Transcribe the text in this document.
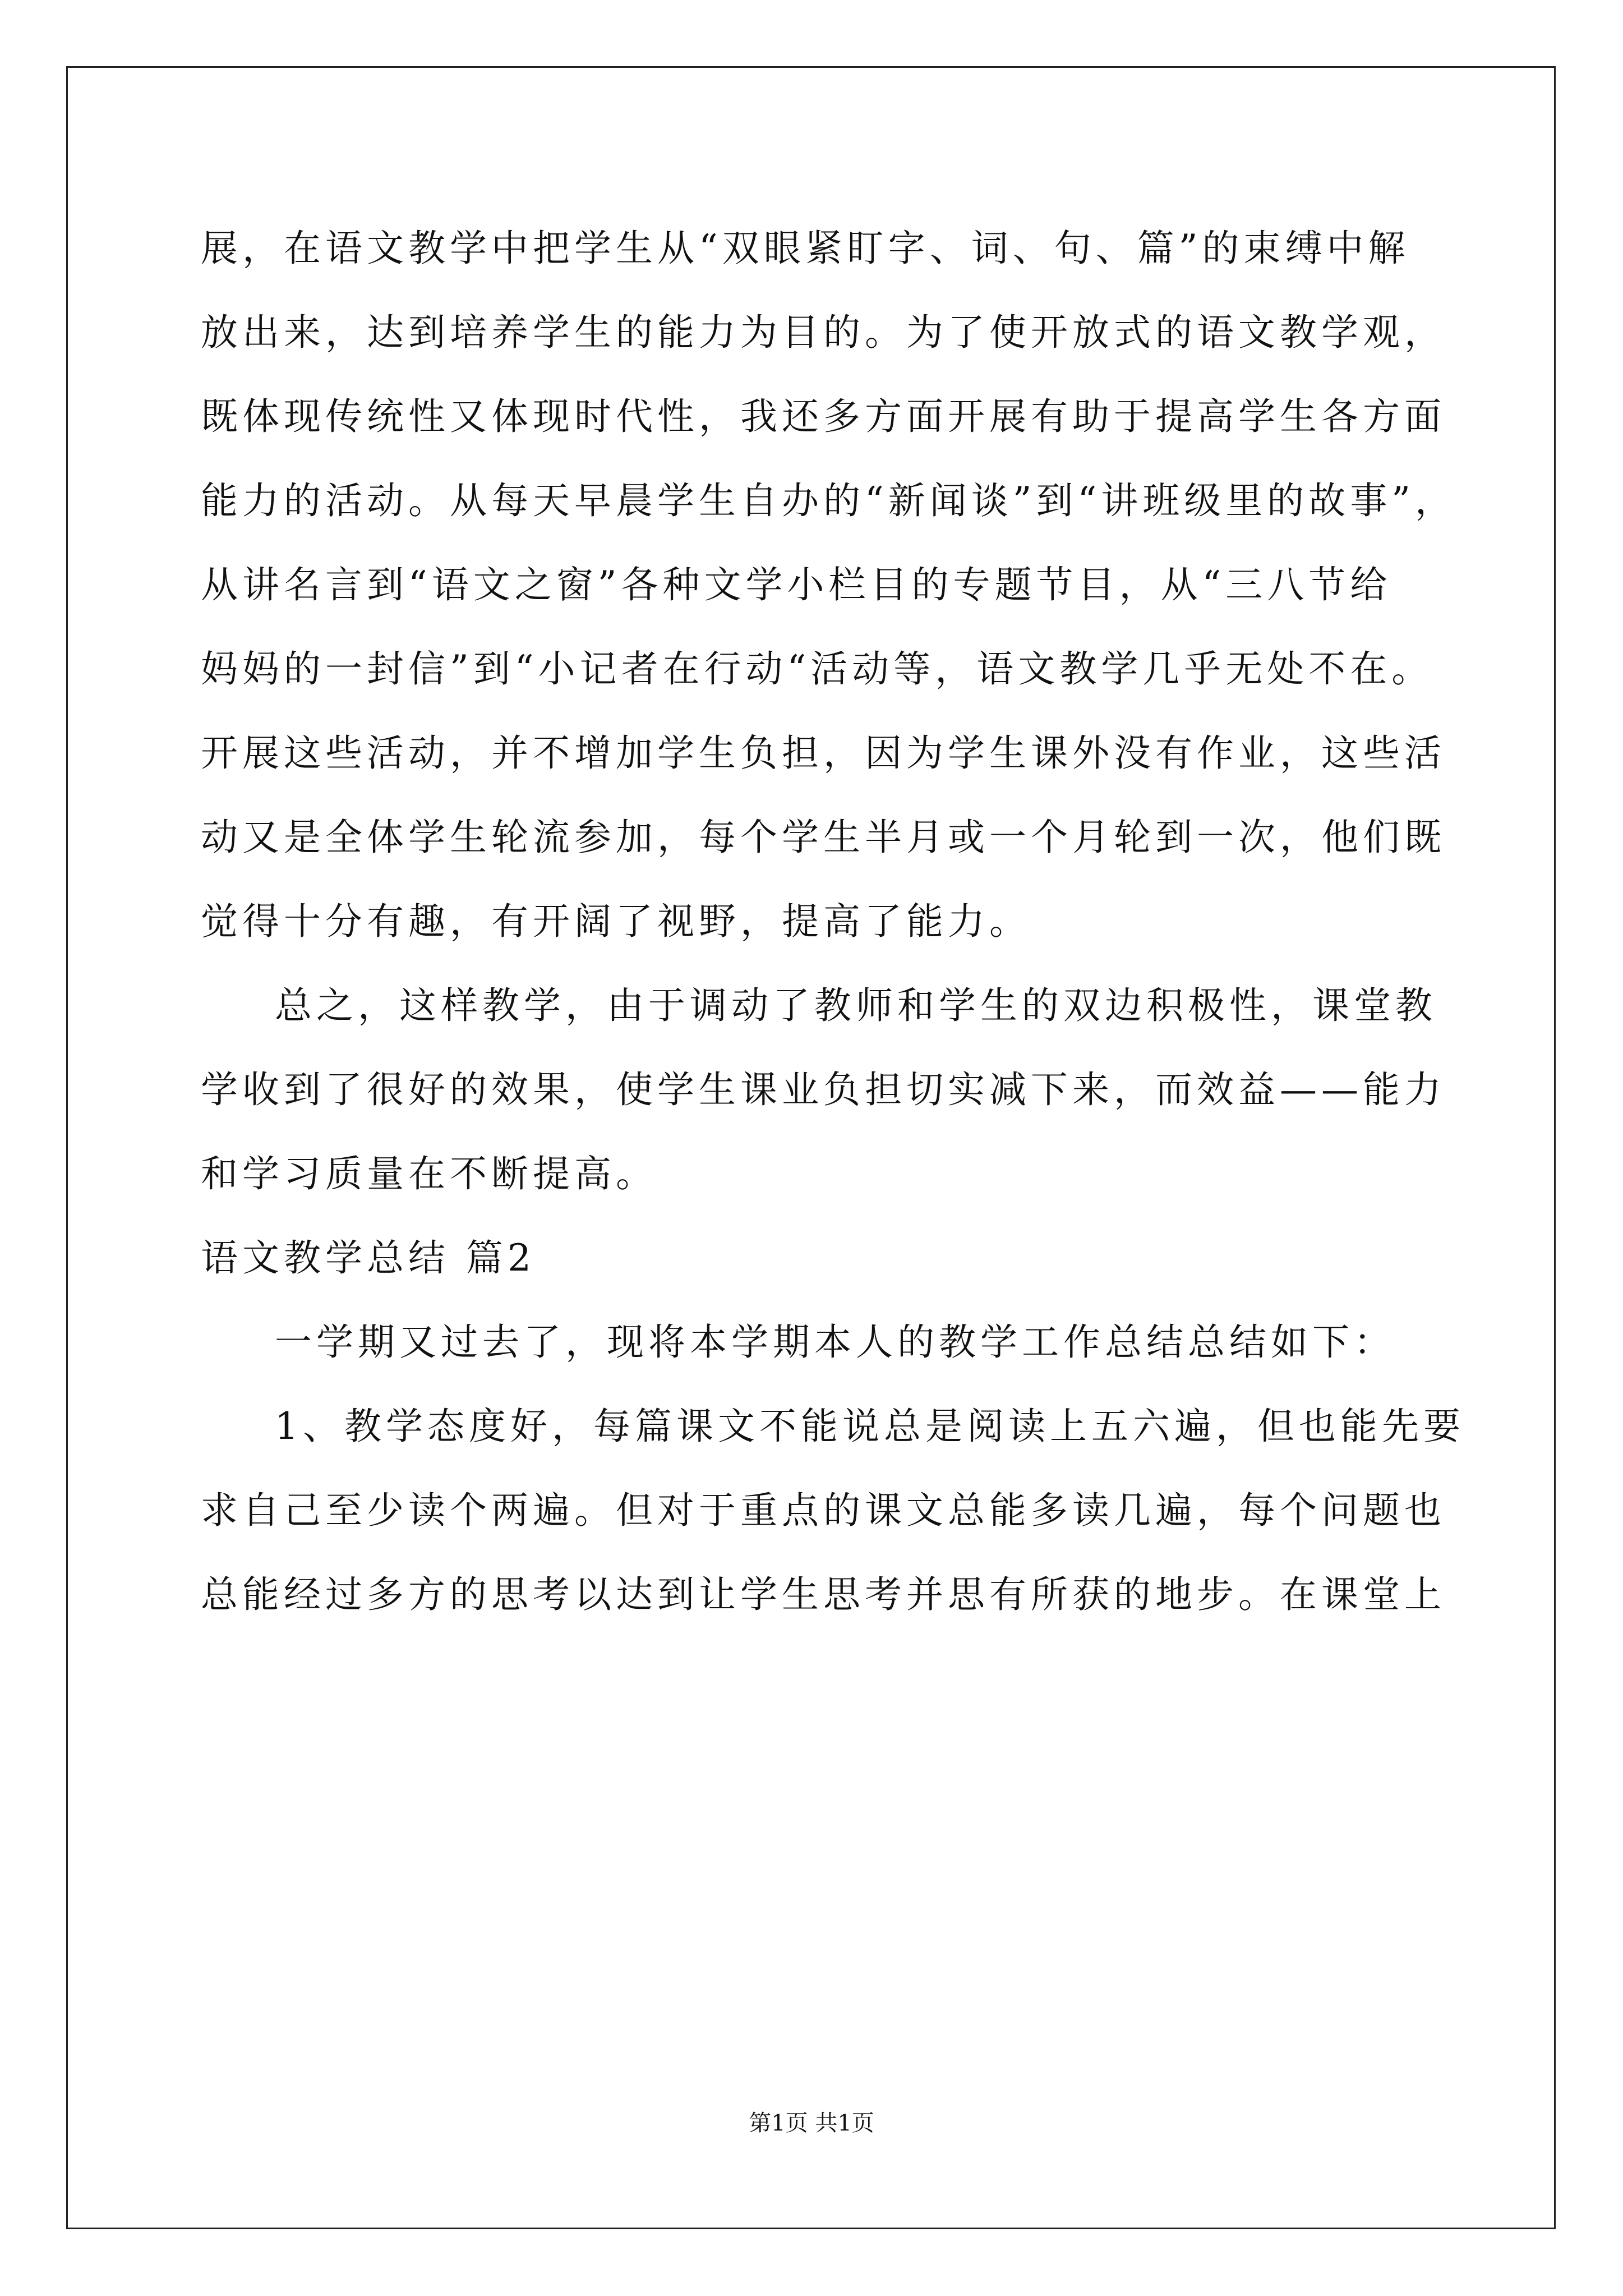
展，在语文教学中把学生从“双眼紧盯字、词、句、篇”的束缚中解
放出来，达到培养学生的能力为目的。为了使开放式的语文教学观，
既体现传统性又体现时代性，我还多方面开展有助于提高学生各方面
能力的活动。从每天早晨学生自办的“新闻谈”到“讲班级里的故事”，
从讲名言到“语文之窗”各种文学小栏目的专题节目，从“三八节给
妈妈的一封信”到“小记者在行动“活动等，语文教学几乎无处不在。
开展这些活动，并不增加学生负担，因为学生课外没有作业，这些活
动又是全体学生轮流参加，每个学生半月或一个月轮到一次，他们既
觉得十分有趣，有开阔了视野，提高了能力。
总之，这样教学，由于调动了教师和学生的双边积极性，课堂教
学收到了很好的效果，使学生课业负担切实减下来，而效益——能力
和学习质量在不断提高。
语文教学总结 篇2
一学期又过去了，现将本学期本人的教学工作总结总结如下：
1、教学态度好，每篇课文不能说总是阅读上五六遍，但也能先要
求自己至少读个两遍。但对于重点的课文总能多读几遍，每个问题也
总能经过多方的思考以达到让学生思考并思有所获的地步。在课堂上
第1页 共1页
